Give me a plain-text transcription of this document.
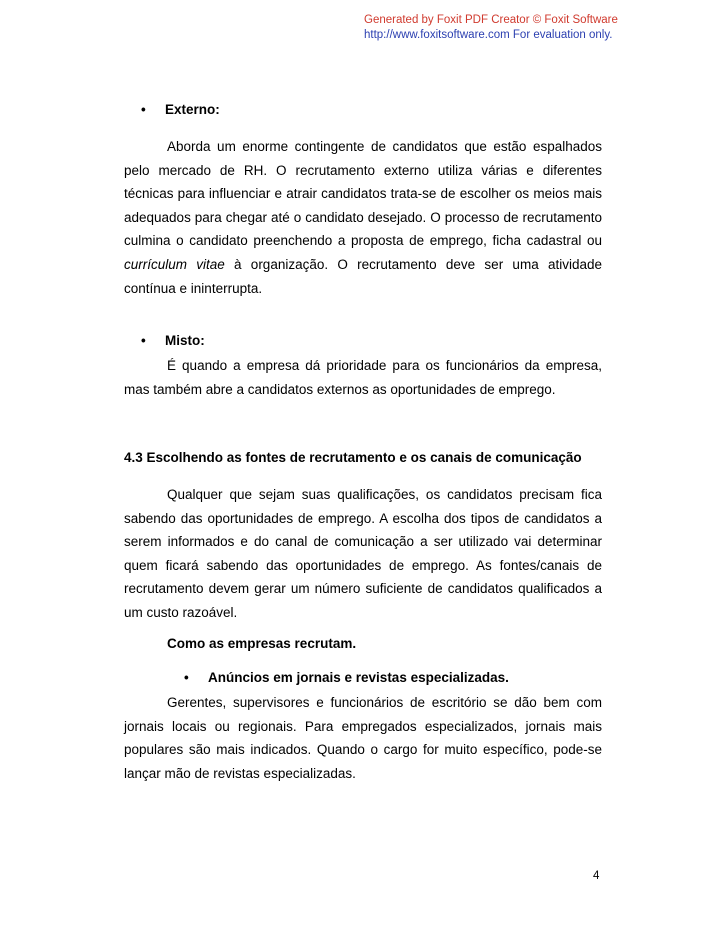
Generated by Foxit PDF Creator © Foxit Software
http://www.foxitsoftware.com For evaluation only.
• Externo:
Aborda um enorme contingente de candidatos que estão espalhados
pelo mercado de RH. O recrutamento externo utiliza várias e diferentes
técnicas para influenciar e atrair candidatos trata-se de escolher os meios mais
adequados para chegar até o candidato desejado. O processo de recrutamento
culmina o candidato preenchendo a proposta de emprego, ficha cadastral ou
currículum vitae à organização. O recrutamento deve ser uma atividade
contínua e ininterrupta.
• Misto:
É quando a empresa dá prioridade para os funcionários da empresa,
mas também abre a candidatos externos as oportunidades de emprego.
4.3 Escolhendo as fontes de recrutamento e os canais de comunicação
Qualquer que sejam suas qualificações, os candidatos precisam fica
sabendo das oportunidades de emprego. A escolha dos tipos de candidatos a
serem informados e do canal de comunicação a ser utilizado vai determinar
quem ficará sabendo das oportunidades de emprego. As fontes/canais de
recrutamento devem gerar um número suficiente de candidatos qualificados a
um custo razoável.
Como as empresas recrutam.
• Anúncios em jornais e revistas especializadas.
Gerentes, supervisores e funcionários de escritório se dão bem com
jornais locais ou regionais. Para empregados especializados, jornais mais
populares são mais indicados. Quando o cargo for muito específico, pode-se
lançar mão de revistas especializadas.
4
